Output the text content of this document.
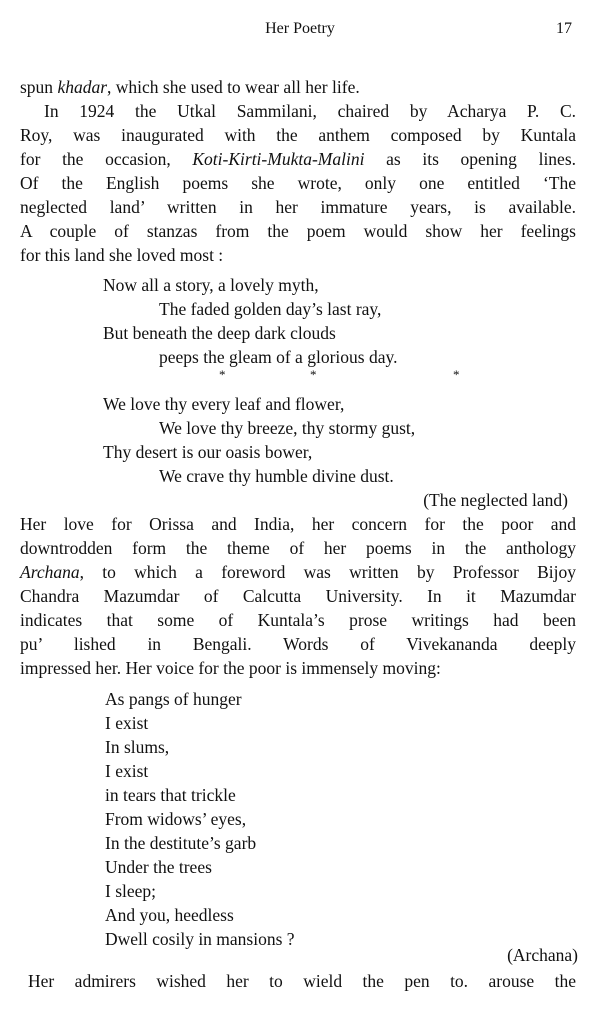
Her Poetry	17
spun khadar, which she used to wear all her life.
In 1924 the Utkal Sammilani, chaired by Acharya P. C.
Roy, was inaugurated with the anthem composed by Kuntala
for the occasion, Koti-Kirti-Mukta-Malini as its opening lines.
Of the English poems she wrote, only one entitled ‘The
neglected land’ written in her immature years, is available.
A couple of stanzas from the poem would show her feelings
for this land she loved most :
Now all a story, a lovely myth,
The faded golden day’s last ray,
But beneath the deep dark clouds
peeps the gleam of a glorious day.
*	*	*
We love thy every leaf and flower,
We love thy breeze, thy stormy gust,
Thy desert is our oasis bower,
We crave thy humble divine dust.
(The neglected land)
Her love for Orissa and India, her concern for the poor and
downtrodden form the theme of her poems in the anthology
Archana, to which a foreword was written by Professor Bijoy
Chandra Mazumdar of Calcutta University. In it Mazumdar
indicates that some of Kuntala’s prose writings had been
pu’ lished in Bengali. Words of Vivekananda deeply
impressed her. Her voice for the poor is immensely moving:
As pangs of hunger
I exist
In slums,
I exist
in tears that trickle
From widows’ eyes,
In the destitute’s garb
Under the trees
I sleep;
And you, heedless
Dwell cosily in mansions ?
(Archana)
Her admirers wished her to wield the pen to. arouse the
